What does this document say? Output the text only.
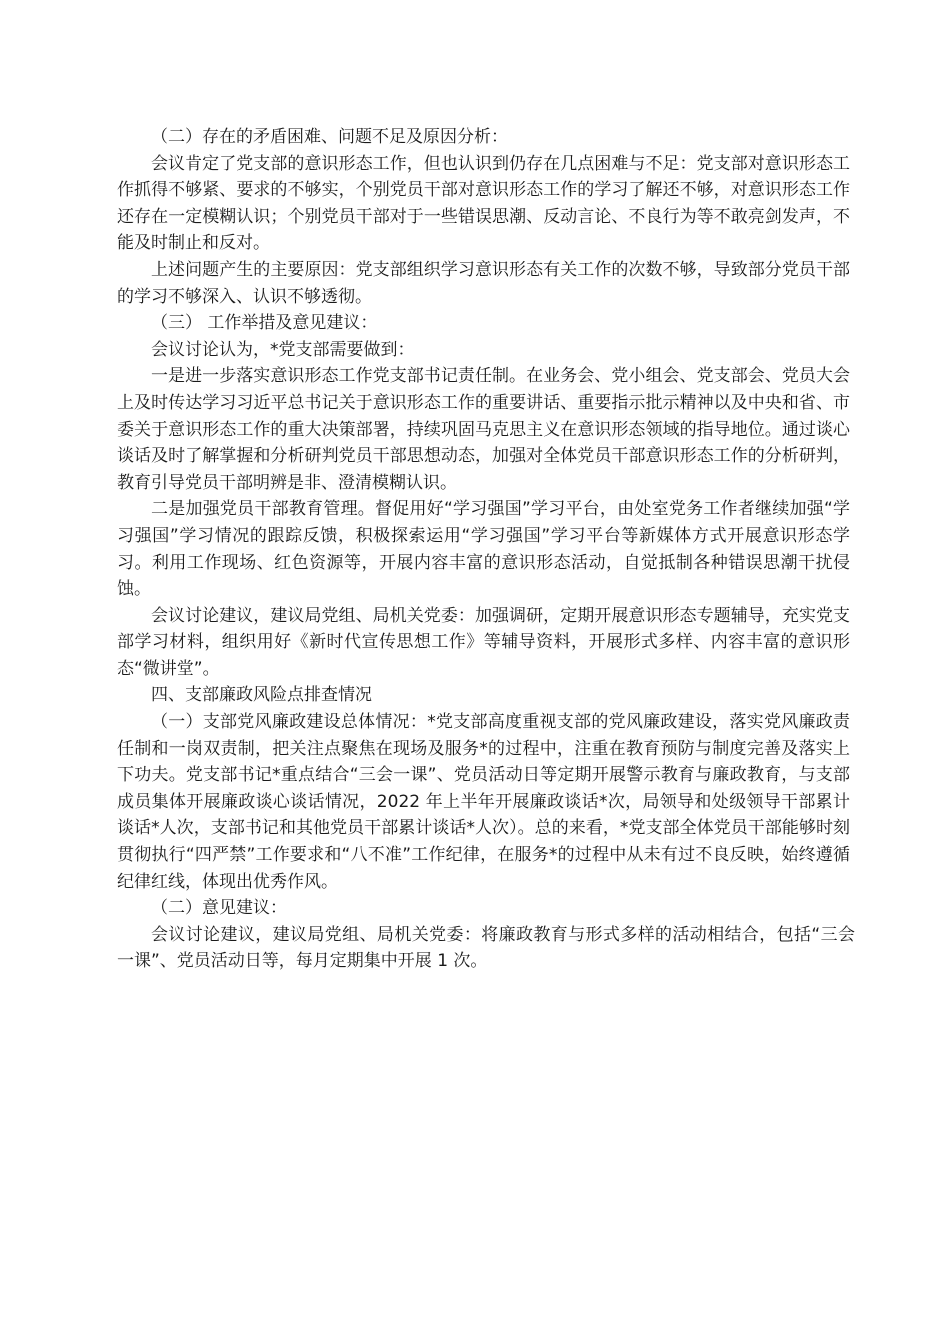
（二）存在的矛盾困难、问题不足及原因分析：

会议肯定了党支部的意识形态工作，但也认识到仍存在几点困难与不足：党支部对意识形态工作抓得不够紧、要求的不够实，个别党员干部对意识形态工作的学习了解还不够，对意识形态工作还存在一定模糊认识；个别党员干部对于一些错误思潮、反动言论、不良行为等不敢亮剑发声，不能及时制止和反对。

上述问题产生的主要原因：党支部组织学习意识形态有关工作的次数不够，导致部分党员干部的学习不够深入、认识不够透彻。

（三） 工作举措及意见建议：

会议讨论认为，*党支部需要做到：

一是进一步落实意识形态工作党支部书记责任制。在业务会、党小组会、党支部会、党员大会上及时传达学习习近平总书记关于意识形态工作的重要讲话、重要指示批示精神以及中央和省、市委关于意识形态工作的重大决策部署，持续巩固马克思主义在意识形态领域的指导地位。通过谈心谈话及时了解掌握和分析研判党员干部思想动态，加强对全体党员干部意识形态工作的分析研判，教育引导党员干部明辨是非、澄清模糊认识。

二是加强党员干部教育管理。督促用好“学习强国”学习平台，由处室党务工作者继续加强“学习强国”学习情况的跟踪反馈，积极探索运用“学习强国”学习平台等新媒体方式开展意识形态学习。利用工作现场、红色资源等，开展内容丰富的意识形态活动，自觉抵制各种错误思潮干扰侵蚀。

会议讨论建议，建议局党组、局机关党委：加强调研，定期开展意识形态专题辅导，充实党支部学习材料，组织用好《新时代宣传思想工作》等辅导资料，开展形式多样、内容丰富的意识形态“微讲堂”。

四、支部廉政风险点排查情况

（一）支部党风廉政建设总体情况：*党支部高度重视支部的党风廉政建设，落实党风廉政责任制和一岗双责制，把关注点聚焦在现场及服务*的过程中，注重在教育预防与制度完善及落实上下功夫。党支部书记*重点结合“三会一课”、党员活动日等定期开展警示教育与廉政教育，与支部成员集体开展廉政谈心谈话情况，2022 年上半年开展廉政谈话*次，局领导和处级领导干部累计谈话*人次，支部书记和其他党员干部累计谈话*人次）。总的来看，*党支部全体党员干部能够时刻贯彻执行“四严禁”工作要求和“八不准”工作纪律，在服务*的过程中从未有过不良反映，始终遵循纪律红线，体现出优秀作风。

（二）意见建议：

会议讨论建议，建议局党组、局机关党委：将廉政教育与形式多样的活动相结合，包括“三会一课”、党员活动日等，每月定期集中开展 1 次。
